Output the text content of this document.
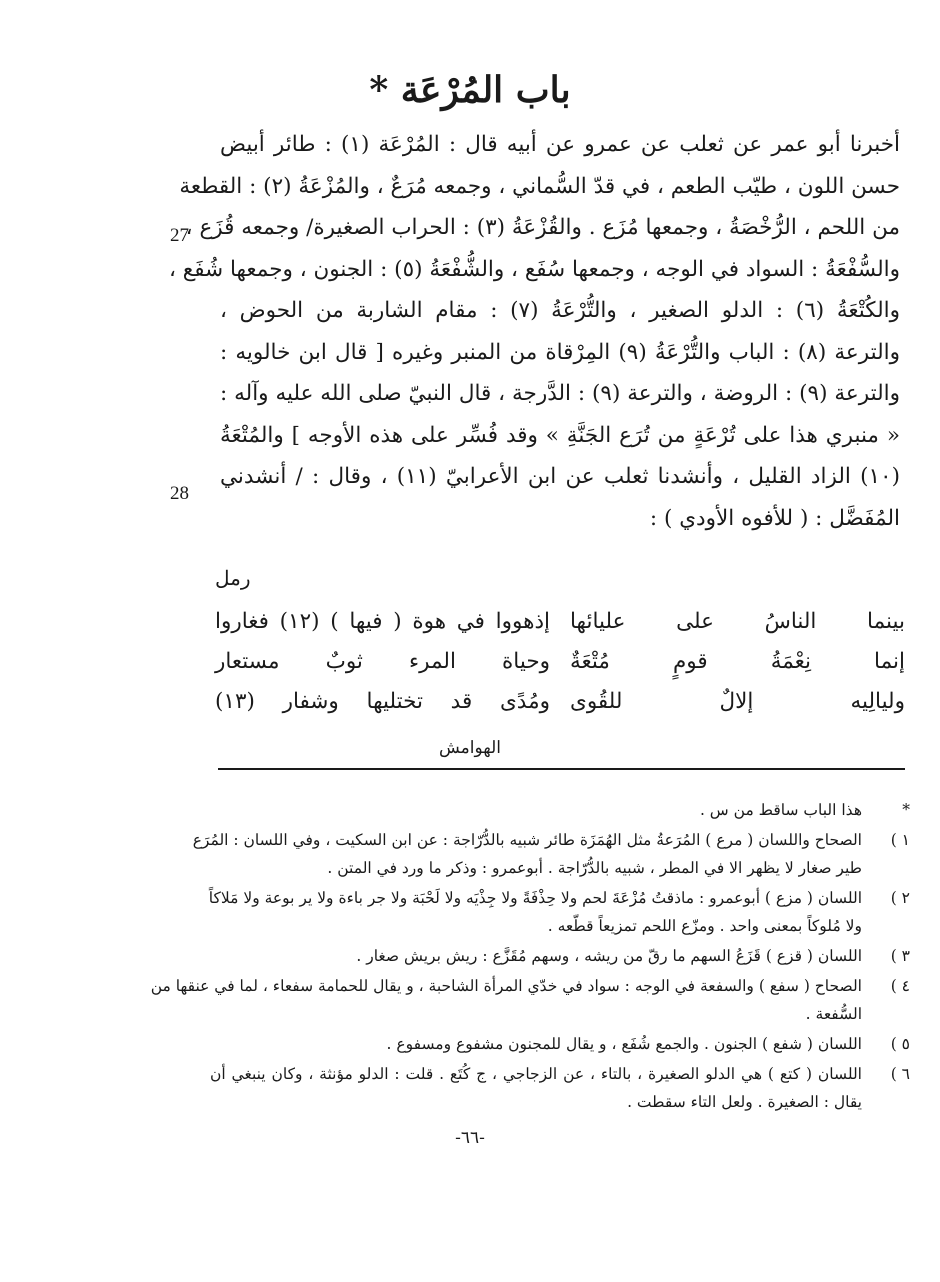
باب المُرْعَة *
27
28
أخبرنا أبو عمر عن ثعلب عن عمرو عن أبيه قال : المُرْعَة (١) : طائر أبيض
حسن اللون ، طيّب الطعم ، في قدّ السُّماني ، وجمعه مُرَعٌ ، والمُزْعَةُ (٢) : القطعة
من اللحم ، الرُّخْصَةُ ، وجمعها مُزَع . والقُزْعَةُ (٣) : الحراب الصغيرة/ وجمعه قُزَع ،
والسُّفْعَةُ : السواد في الوجه ، وجمعها سُفَع ، والشُّفْعَةُ (٥) : الجنون ، وجمعها شُفَع ،
والكُتْعَةُ (٦) : الدلو الصغير ، والتُّرْعَةُ (٧) : مقام الشاربة من الحوض ،
والترعة (٨) : الباب والتُّرْعَةُ (٩) المِرْقاة من المنبر وغيره [ قال ابن خالويه :
والترعة (٩) : الروضة ، والترعة (٩) : الدَّرجة ، قال النبيّ صلى الله عليه وآله :
« منبري هذا على تُرْعَةٍ من تُرَع الجَنَّةِ » وقد فُسِّر على هذه الأوجه ] والمُتْعَةُ
(١٠) الزاد القليل ، وأنشدنا ثعلب عن ابن الأعرابيّ (١١) ، وقال : / أنشدني
المُفَضَّل : ( للأفوه الأودي ) :
رمل
بينما الناسُ على عليائها
إذهووا في هوة ( فيها ) (١٢) فغاروا
إنما نِعْمَةُ قومٍ مُتْعَةٌ
وحياة المرء ثوبٌ مستعار
وليالِيه إلالٌ للقُوى
ومُدًى قد تختليها وشفار (١٣)
الهوامش
*
هذا الباب ساقط من س .
١ )
الصحاح واللسان ( مرع ) المُرَعةُ مثل الهُمَزَة طائر شبيه بالدُّرّاجة : عن ابن السكيت ، وفي اللسان : المُرَع
طير صغار لا يظهر الا في المطر ، شبيه بالدُّرّاجة . أبوعمرو : وذكر ما ورد في المتن .
٢ )
اللسان ( مزع ) أبوعمرو : ماذقتُ مُزْعَةَ لحم ولا حِذْفَةً ولا جِذْيَه ولا لَحْبَة ولا جر باءة ولا ير بوعة ولا مَلاكاً
ولا مُلوكاً بمعنى واحد . ومزّع اللحم تمزيعاً قطّعه .
٣ )
اللسان ( قزع ) قَزَعُ السهم ما رقّ من ريشه ، وسهم مُقَزَّع : ريش بريش صغار .
٤ )
الصحاح ( سفع ) والسفعة في الوجه : سواد في خدّي المرأة الشاحبة ، و يقال للحمامة سفعاء ، لما في عنقها من
السُّفعة .
٥ )
اللسان ( شفع ) الجنون . والجمع شُفَع ، و يقال للمجنون مشفوع ومسفوع .
٦ )
اللسان ( كتع ) هي الدلو الصغيرة ، بالتاء ، عن الزجاجي ، ج كُتَع . قلت : الدلو مؤنثة ، وكان ينبغي أن
يقال : الصغيرة . ولعل التاء سقطت .
-٦٦-
